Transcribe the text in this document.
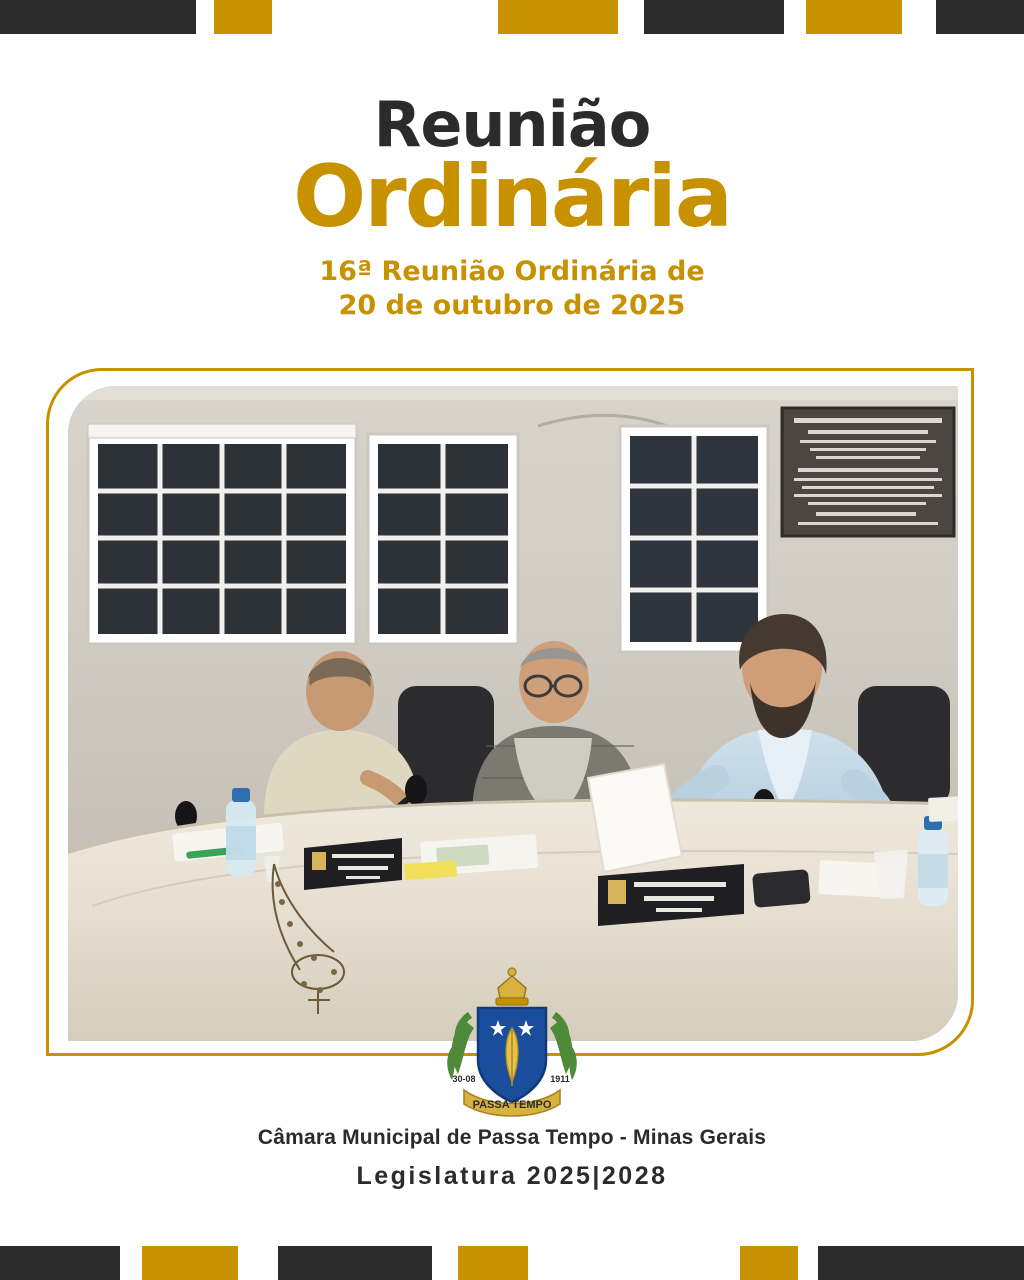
Reunião
Ordinária
16ª Reunião Ordinária de
20 de outubro de 2025
PASSA TEMPO
30-08	1911
Câmara Municipal de Passa Tempo - Minas Gerais
Legislatura 2025|2028
